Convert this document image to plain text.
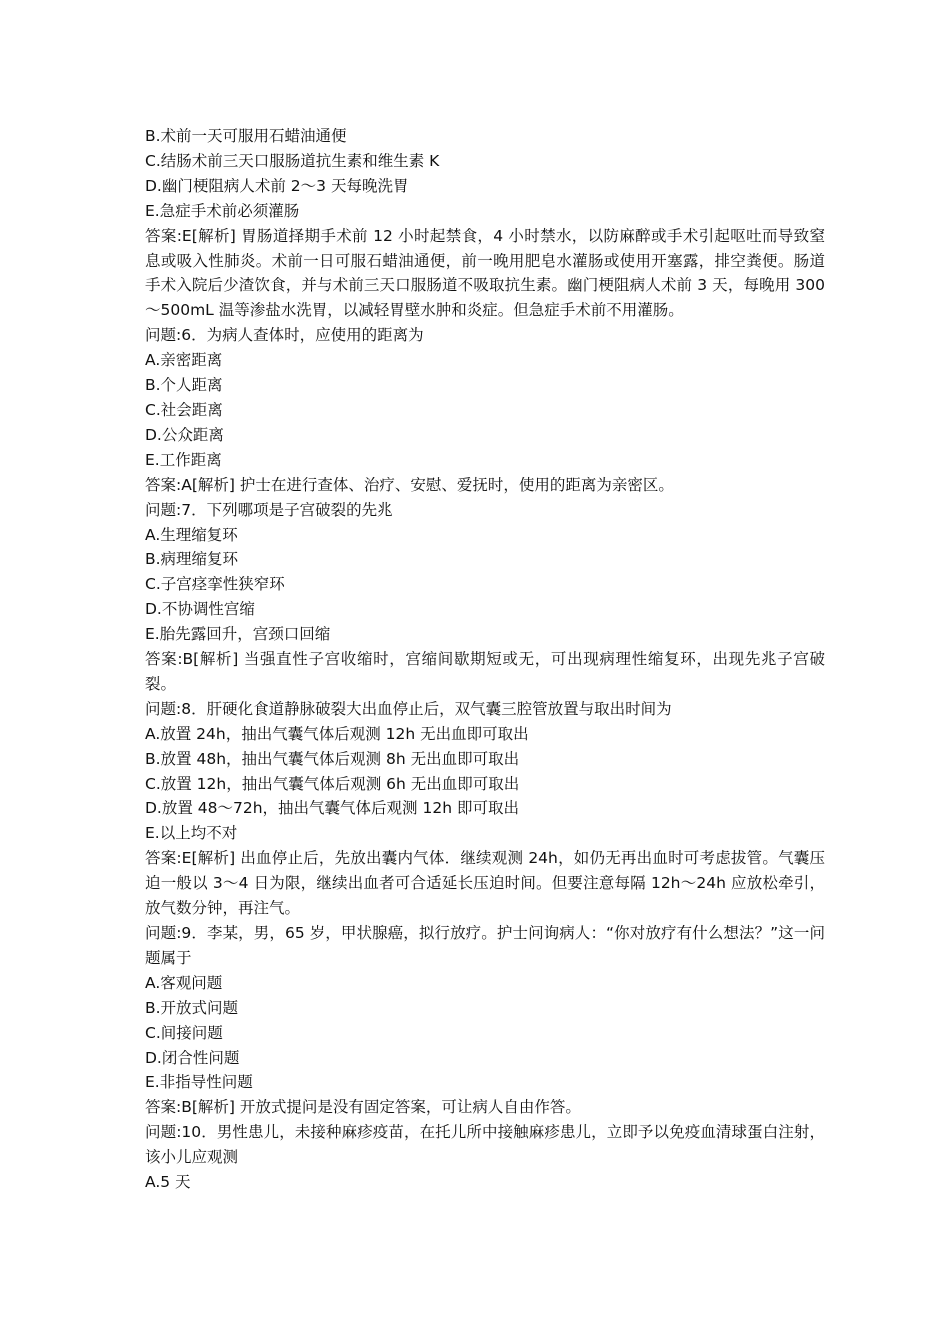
B.术前一天可服用石蜡油通便

C.结肠术前三天口服肠道抗生素和维生素 K

D.幽门梗阻病人术前 2～3 天每晚洗胃

E.急症手术前必须灌肠

答案:E[解析] 胃肠道择期手术前 12 小时起禁食，4 小时禁水，以防麻醉或手术引起呕吐而导致窒息或吸入性肺炎。术前一日可服石蜡油通便，前一晚用肥皂水灌肠或使用开塞露，排空粪便。肠道手术入院后少渣饮食，并与术前三天口服肠道不吸取抗生素。幽门梗阻病人术前 3 天，每晚用 300～500mL 温等渗盐水洗胃，以减轻胃壁水肿和炎症。但急症手术前不用灌肠。

问题:6．为病人查体时，应使用的距离为

A.亲密距离

B.个人距离

C.社会距离

D.公众距离

E.工作距离

答案:A[解析] 护士在进行查体、治疗、安慰、爱抚时，使用的距离为亲密区。

问题:7．下列哪项是子宫破裂的先兆

A.生理缩复环

B.病理缩复环

C.子宫痉挛性狭窄环

D.不协调性宫缩

E.胎先露回升，宫颈口回缩

答案:B[解析] 当强直性子宫收缩时，宫缩间歇期短或无，可出现病理性缩复环，出现先兆子宫破裂。

问题:8．肝硬化食道静脉破裂大出血停止后，双气囊三腔管放置与取出时间为

A.放置 24h，抽出气囊气体后观测 12h 无出血即可取出

B.放置 48h，抽出气囊气体后观测 8h 无出血即可取出

C.放置 12h，抽出气囊气体后观测 6h 无出血即可取出

D.放置 48～72h，抽出气囊气体后观测 12h 即可取出

E.以上均不对

答案:E[解析] 出血停止后，先放出囊内气体．继续观测 24h，如仍无再出血时可考虑拔管。气囊压迫一般以 3～4 日为限，继续出血者可合适延长压迫时间。但要注意每隔 12h～24h 应放松牵引，放气数分钟，再注气。

问题:9．李某，男，65 岁，甲状腺癌，拟行放疗。护士问询病人：“你对放疗有什么想法？”这一问题属于

A.客观问题

B.开放式问题

C.间接问题

D.闭合性问题

E.非指导性问题

答案:B[解析] 开放式提问是没有固定答案，可让病人自由作答。

问题:10．男性患儿，未接种麻疹疫苗，在托儿所中接触麻疹患儿，立即予以免疫血清球蛋白注射，该小儿应观测

A.5 天
